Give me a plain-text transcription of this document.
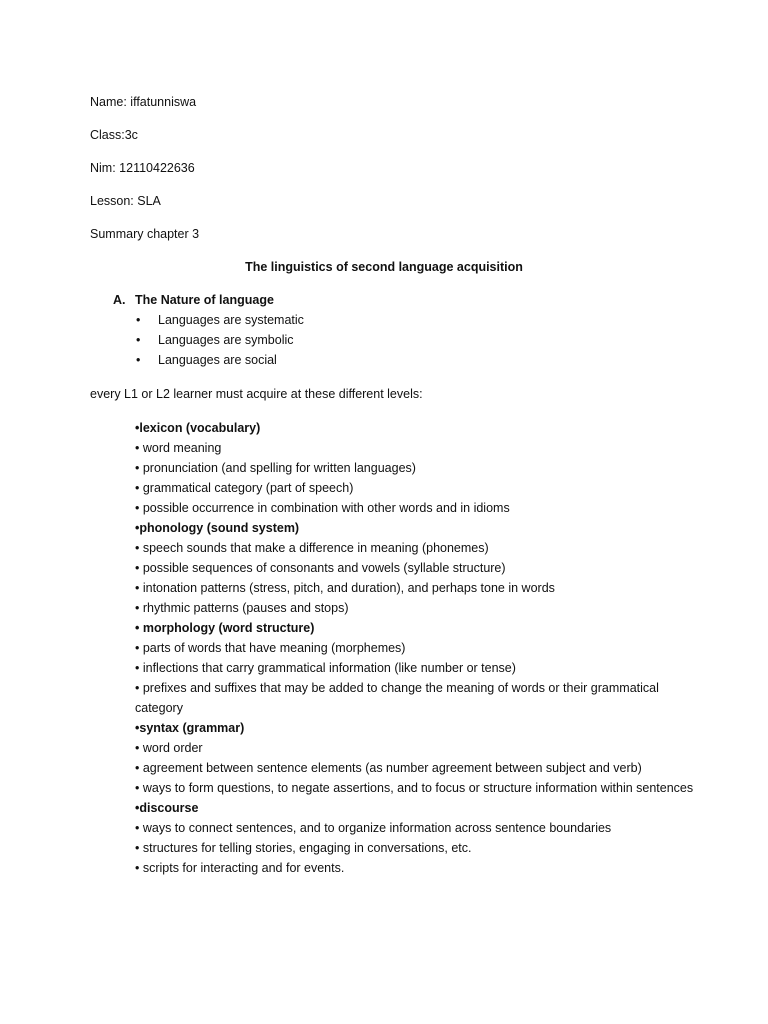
Name: iffatunniswa
Class:3c
Nim: 12110422636
Lesson: SLA
Summary chapter 3
The linguistics of second language acquisition
A. The Nature of language
• Languages are systematic
• Languages are symbolic
• Languages are social
every L1 or L2 learner must acquire at these different levels:
•lexicon (vocabulary)
• word meaning
• pronunciation (and spelling for written languages)
• grammatical category (part of speech)
• possible occurrence in combination with other words and in idioms
•phonology (sound system)
• speech sounds that make a difference in meaning (phonemes)
• possible sequences of consonants and vowels (syllable structure)
• intonation patterns (stress, pitch, and duration), and perhaps tone in words
• rhythmic patterns (pauses and stops)
• morphology (word structure)
• parts of words that have meaning (morphemes)
• inflections that carry grammatical information (like number or tense)
• prefixes and suffixes that may be added to change the meaning of words or their grammatical category
•syntax (grammar)
• word order
• agreement between sentence elements (as number agreement between subject and verb)
• ways to form questions, to negate assertions, and to focus or structure information within sentences
•discourse
• ways to connect sentences, and to organize information across sentence boundaries
• structures for telling stories, engaging in conversations, etc.
• scripts for interacting and for events.
